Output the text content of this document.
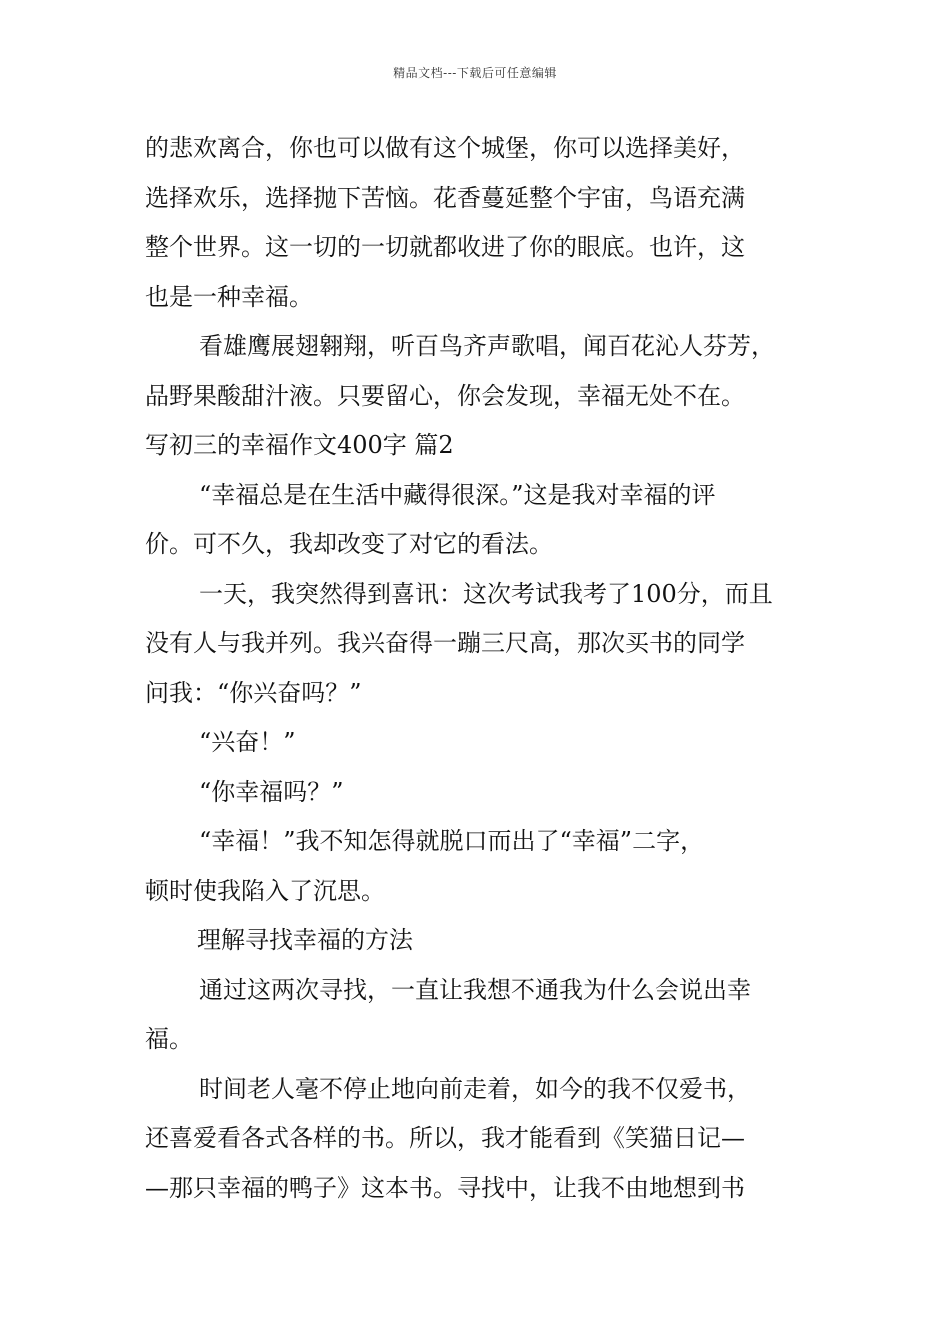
精品文档---下载后可任意编辑
的悲欢离合，你也可以做有这个城堡，你可以选择美好，
选择欢乐，选择抛下苦恼。花香蔓延整个宇宙，鸟语充满
整个世界。这一切的一切就都收进了你的眼底。也许，这
也是一种幸福。
看雄鹰展翅翱翔，听百鸟齐声歌唱，闻百花沁人芬芳，
品野果酸甜汁液。只要留心，你会发现，幸福无处不在。
写初三的幸福作文400字 篇2
“幸福总是在生活中藏得很深。”这是我对幸福的评
价。可不久，我却改变了对它的看法。
一天，我突然得到喜讯：这次考试我考了100分，而且
没有人与我并列。我兴奋得一蹦三尺高，那次买书的同学
问我：“你兴奋吗？”
“兴奋！”
“你幸福吗？”
“幸福！”我不知怎得就脱口而出了“幸福”二字，
顿时使我陷入了沉思。
理解寻找幸福的方法
通过这两次寻找，一直让我想不通我为什么会说出幸
福。
时间老人毫不停止地向前走着，如今的我不仅爱书，
还喜爱看各式各样的书。所以，我才能看到《笑猫日记—
—那只幸福的鸭子》这本书。寻找中，让我不由地想到书
